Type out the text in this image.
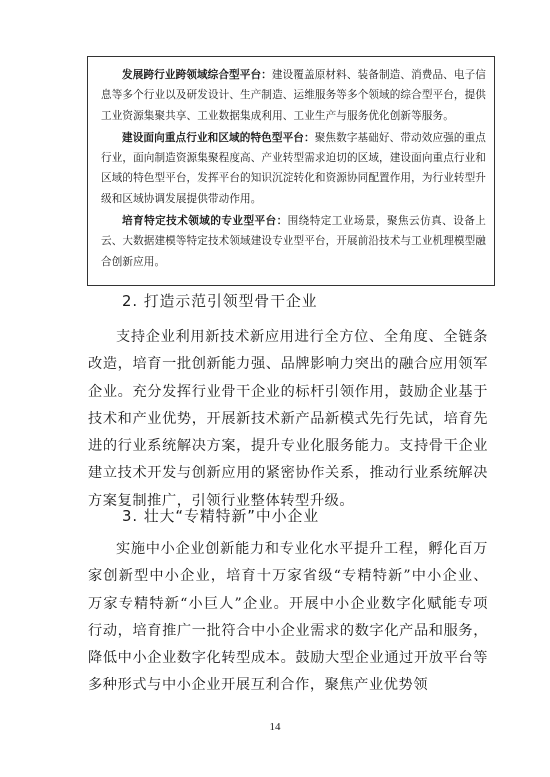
发展跨行业跨领域综合型平台：建设覆盖原材料、装备制造、消费品、电子信息等多个行业以及研发设计、生产制造、运维服务等多个领域的综合型平台，提供工业资源集聚共享、工业数据集成利用、工业生产与服务优化创新等服务。

建设面向重点行业和区域的特色型平台：聚焦数字基础好、带动效应强的重点行业，面向制造资源集聚程度高、产业转型需求迫切的区域，建设面向重点行业和区域的特色型平台，发挥平台的知识沉淀转化和资源协同配置作用，为行业转型升级和区域协调发展提供带动作用。

培育特定技术领域的专业型平台：围绕特定工业场景，聚焦云仿真、设备上云、大数据建模等特定技术领域建设专业型平台，开展前沿技术与工业机理模型融合创新应用。

2. 打造示范引领型骨干企业

支持企业利用新技术新应用进行全方位、全角度、全链条改造，培育一批创新能力强、品牌影响力突出的融合应用领军企业。充分发挥行业骨干企业的标杆引领作用，鼓励企业基于技术和产业优势，开展新技术新产品新模式先行先试，培育先进的行业系统解决方案，提升专业化服务能力。支持骨干企业建立技术开发与创新应用的紧密协作关系，推动行业系统解决方案复制推广，引领行业整体转型升级。

3. 壮大“专精特新”中小企业

实施中小企业创新能力和专业化水平提升工程，孵化百万家创新型中小企业，培育十万家省级“专精特新”中小企业、万家专精特新“小巨人”企业。开展中小企业数字化赋能专项行动，培育推广一批符合中小企业需求的数字化产品和服务，降低中小企业数字化转型成本。鼓励大型企业通过开放平台等多种形式与中小企业开展互利合作，聚焦产业优势领

14
